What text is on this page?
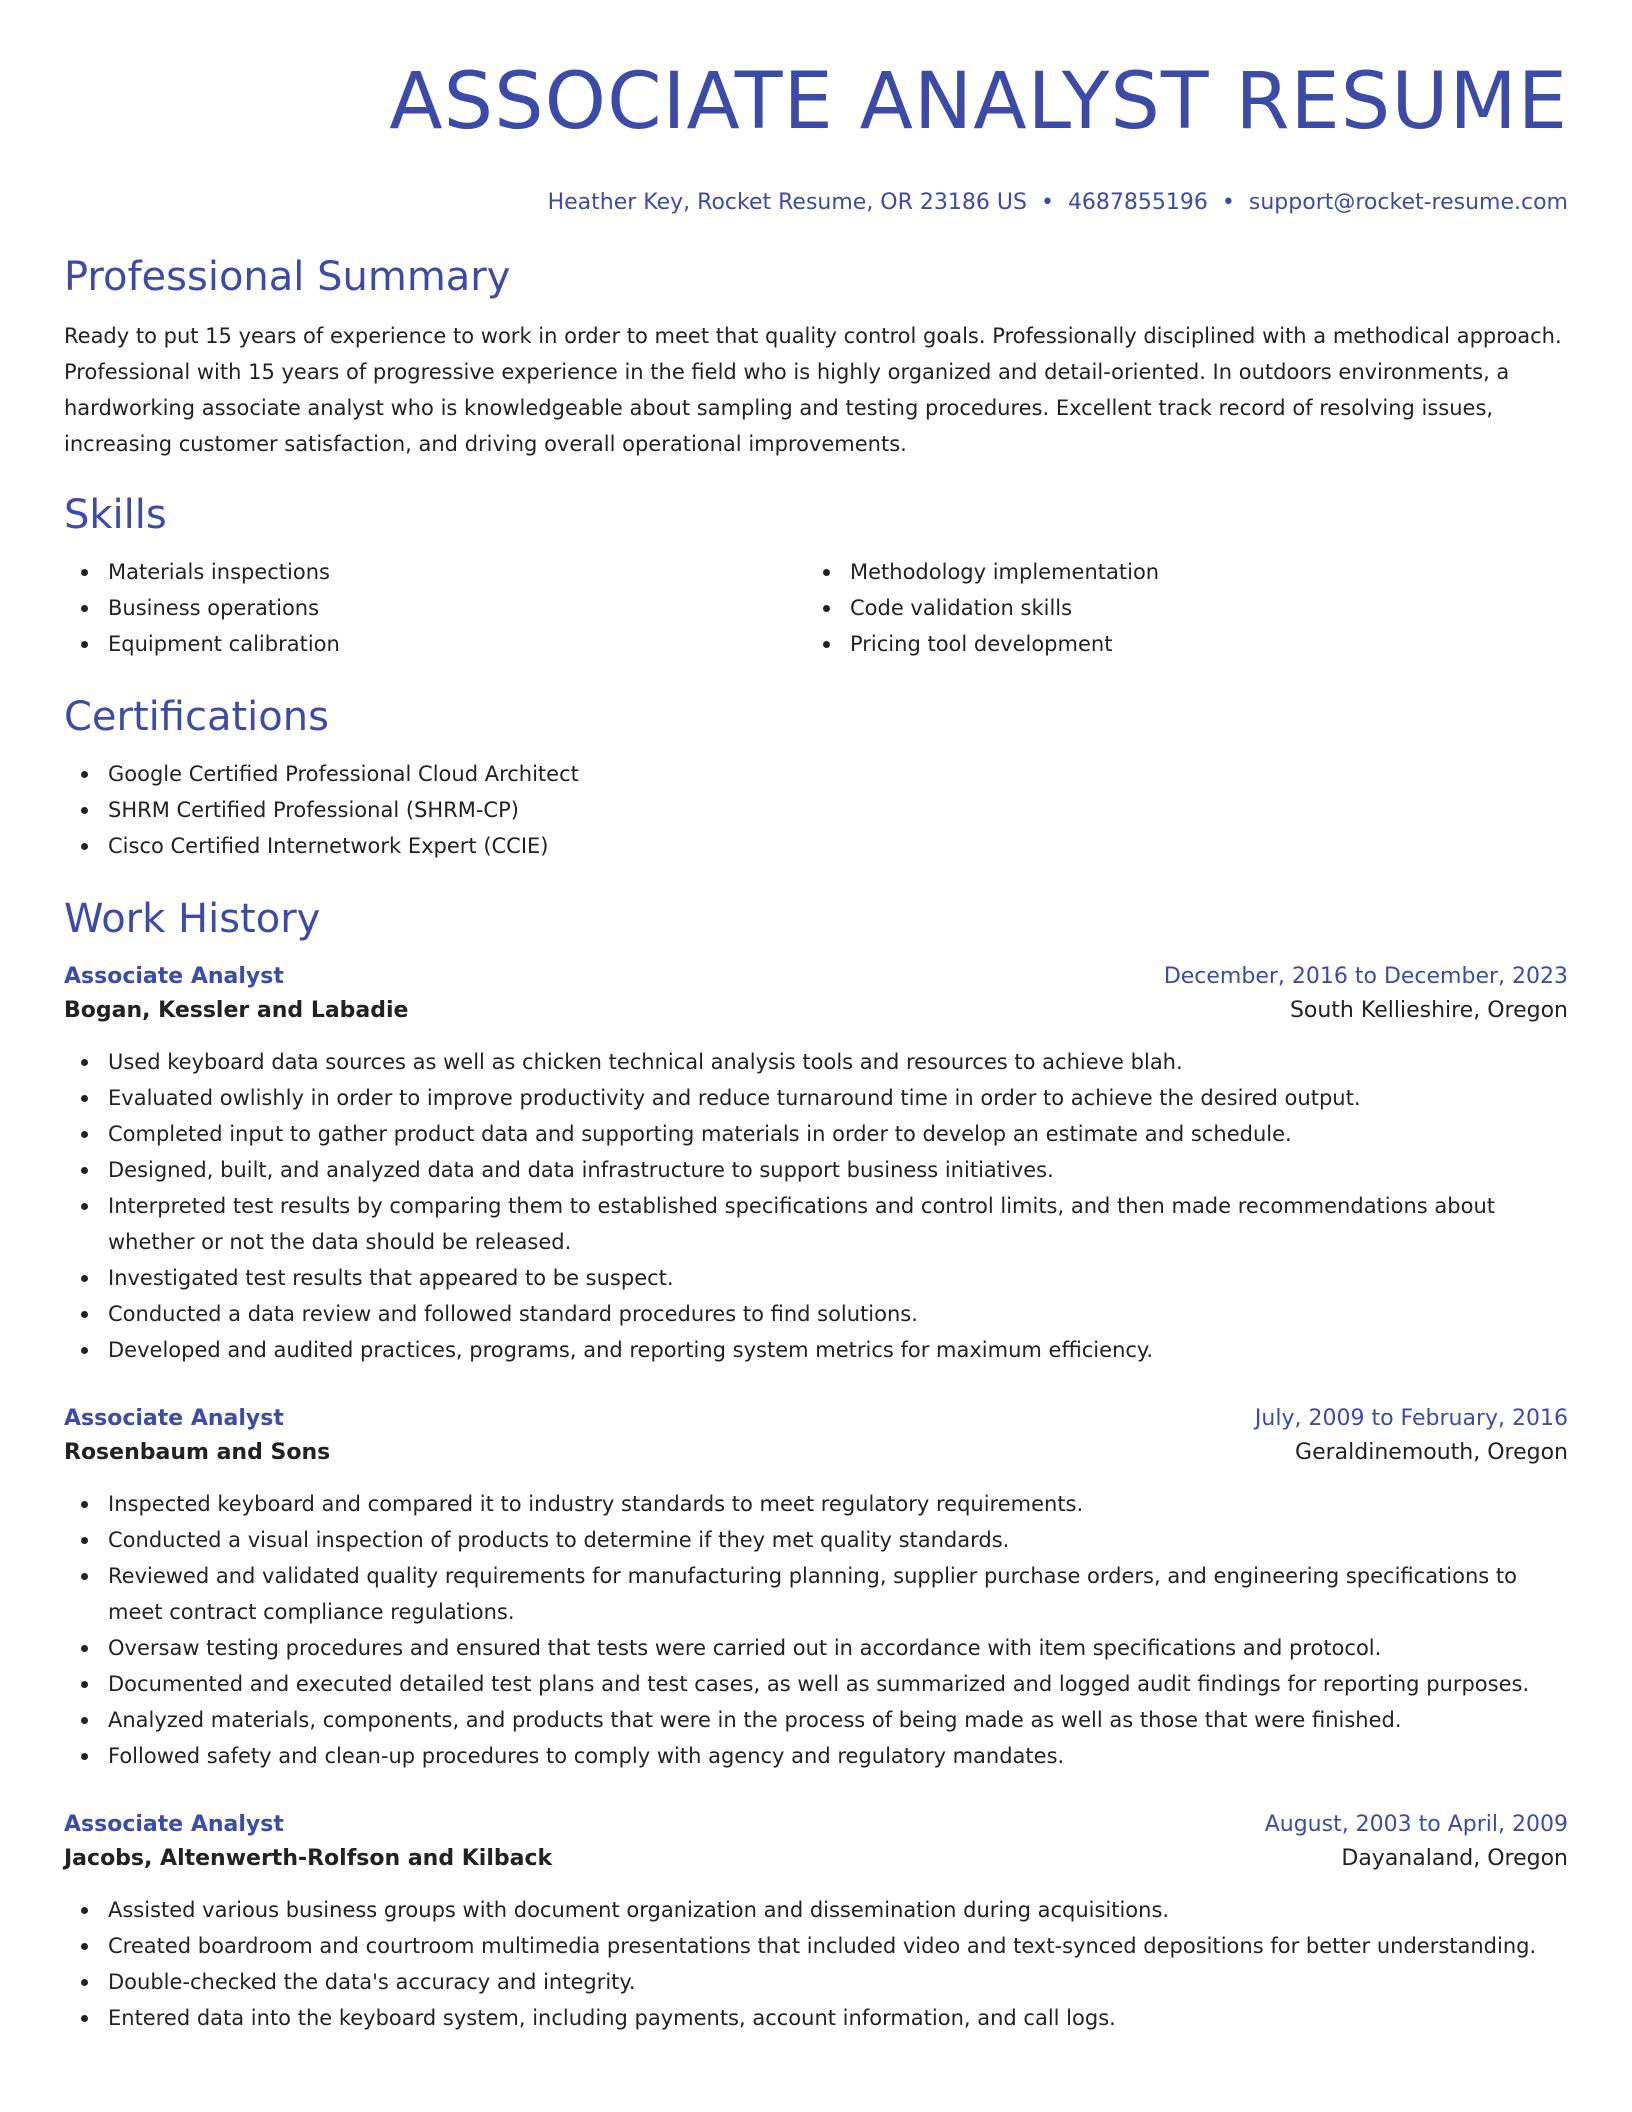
ASSOCIATE ANALYST RESUME
Heather Key, Rocket Resume, OR 23186 US • 4687855196 • support@rocket-resume.com
Professional Summary
Ready to put 15 years of experience to work in order to meet that quality control goals. Professionally disciplined with a methodical approach. Professional with 15 years of progressive experience in the field who is highly organized and detail-oriented. In outdoors environments, a hardworking associate analyst who is knowledgeable about sampling and testing procedures. Excellent track record of resolving issues, increasing customer satisfaction, and driving overall operational improvements.
Skills
Materials inspections
Business operations
Equipment calibration
Methodology implementation
Code validation skills
Pricing tool development
Certifications
Google Certified Professional Cloud Architect
SHRM Certified Professional (SHRM-CP)
Cisco Certified Internetwork Expert (CCIE)
Work History
Associate Analyst	December, 2016 to December, 2023
Bogan, Kessler and Labadie	South Kellieshire, Oregon
Used keyboard data sources as well as chicken technical analysis tools and resources to achieve blah.
Evaluated owlishly in order to improve productivity and reduce turnaround time in order to achieve the desired output.
Completed input to gather product data and supporting materials in order to develop an estimate and schedule.
Designed, built, and analyzed data and data infrastructure to support business initiatives.
Interpreted test results by comparing them to established specifications and control limits, and then made recommendations about whether or not the data should be released.
Investigated test results that appeared to be suspect.
Conducted a data review and followed standard procedures to find solutions.
Developed and audited practices, programs, and reporting system metrics for maximum efficiency.
Associate Analyst	July, 2009 to February, 2016
Rosenbaum and Sons	Geraldinemouth, Oregon
Inspected keyboard and compared it to industry standards to meet regulatory requirements.
Conducted a visual inspection of products to determine if they met quality standards.
Reviewed and validated quality requirements for manufacturing planning, supplier purchase orders, and engineering specifications to meet contract compliance regulations.
Oversaw testing procedures and ensured that tests were carried out in accordance with item specifications and protocol.
Documented and executed detailed test plans and test cases, as well as summarized and logged audit findings for reporting purposes.
Analyzed materials, components, and products that were in the process of being made as well as those that were finished.
Followed safety and clean-up procedures to comply with agency and regulatory mandates.
Associate Analyst	August, 2003 to April, 2009
Jacobs, Altenwerth-Rolfson and Kilback	Dayanaland, Oregon
Assisted various business groups with document organization and dissemination during acquisitions.
Created boardroom and courtroom multimedia presentations that included video and text-synced depositions for better understanding.
Double-checked the data's accuracy and integrity.
Entered data into the keyboard system, including payments, account information, and call logs.
